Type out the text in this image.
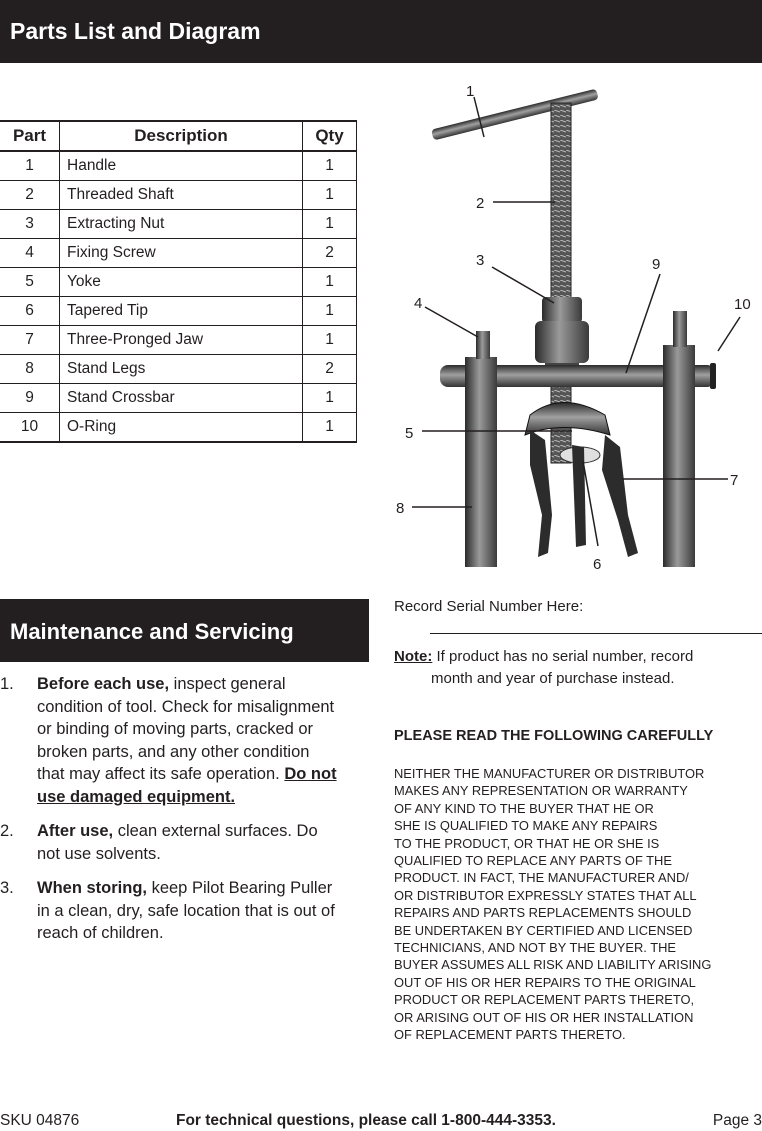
Parts List and Diagram
Part	Description	Qty
1	Handle	1
2	Threaded Shaft	1
3	Extracting Nut	1
4	Fixing Screw	2
5	Yoke	1
6	Tapered Tip	1
7	Three-Pronged Jaw	1
8	Stand Legs	2
9	Stand Crossbar	1
10	O-Ring	1
1
2
3	9
4	10
5
7
8
6
Record Serial Number Here:
Note: If product has no serial number, record
month and year of purchase instead.
PLEASE READ THE FOLLOWING CAREFULLY
NEITHER THE MANUFACTURER OR DISTRIBUTOR
MAKES ANY REPRESENTATION OR WARRANTY
OF ANY KIND TO THE BUYER THAT HE OR
SHE IS QUALIFIED TO MAKE ANY REPAIRS
TO THE PRODUCT, OR THAT HE OR SHE IS
QUALIFIED TO REPLACE ANY PARTS OF THE
PRODUCT. IN FACT, THE MANUFACTURER AND/
OR DISTRIBUTOR EXPRESSLY STATES THAT ALL
REPAIRS AND PARTS REPLACEMENTS SHOULD
BE UNDERTAKEN BY CERTIFIED AND LICENSED
TECHNICIANS, AND NOT BY THE BUYER. THE
BUYER ASSUMES ALL RISK AND LIABILITY ARISING
OUT OF HIS OR HER REPAIRS TO THE ORIGINAL
PRODUCT OR REPLACEMENT PARTS THERETO,
OR ARISING OUT OF HIS OR HER INSTALLATION
OF REPLACEMENT PARTS THERETO.
Maintenance and Servicing
1. Before each use, inspect general condition of tool. Check for misalignment or binding of moving parts, cracked or broken parts, and any other condition that may affect its safe operation. Do not use damaged equipment.
2. After use, clean external surfaces. Do not use solvents.
3. When storing, keep Pilot Bearing Puller in a clean, dry, safe location that is out of reach of children.
SKU 04876	For technical questions, please call 1-800-444-3353.	Page 3
